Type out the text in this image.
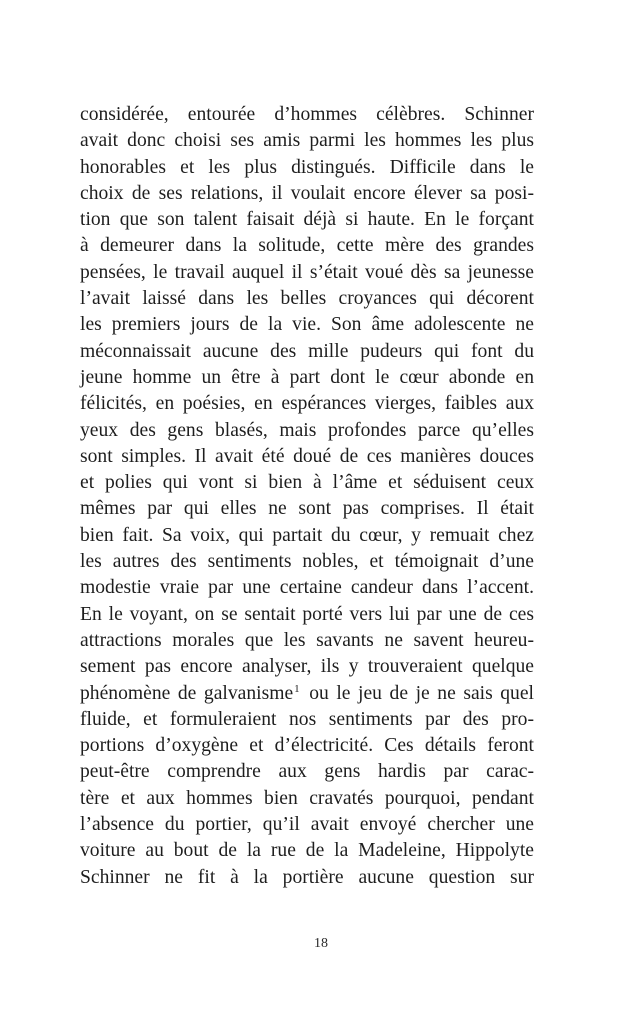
considérée, entourée d’hommes célèbres. Schinner
avait donc choisi ses amis parmi les hommes les plus
honorables et les plus distingués. Difficile dans le
choix de ses relations, il voulait encore élever sa posi-
tion que son talent faisait déjà si haute. En le forçant
à demeurer dans la solitude, cette mère des grandes
pensées, le travail auquel il s’était voué dès sa jeunesse
l’avait laissé dans les belles croyances qui décorent
les premiers jours de la vie. Son âme adolescente ne
méconnaissait aucune des mille pudeurs qui font du
jeune homme un être à part dont le cœur abonde en
félicités, en poésies, en espérances vierges, faibles aux
yeux des gens blasés, mais profondes parce qu’elles
sont simples. Il avait été doué de ces manières douces
et polies qui vont si bien à l’âme et séduisent ceux
mêmes par qui elles ne sont pas comprises. Il était
bien fait. Sa voix, qui partait du cœur, y remuait chez
les autres des sentiments nobles, et témoignait d’une
modestie vraie par une certaine candeur dans l’accent.
En le voyant, on se sentait porté vers lui par une de ces
attractions morales que les savants ne savent heureu-
sement pas encore analyser, ils y trouveraient quelque
phénomène de galvanisme$^1$ ou le jeu de je ne sais quel
fluide, et formuleraient nos sentiments par des pro-
portions d’oxygène et d’électricité. Ces détails feront
peut-être comprendre aux gens hardis par carac-
tère et aux hommes bien cravatés pourquoi, pendant
l’absence du portier, qu’il avait envoyé chercher une
voiture au bout de la rue de la Madeleine, Hippolyte
Schinner ne fit à la portière aucune question sur
18
